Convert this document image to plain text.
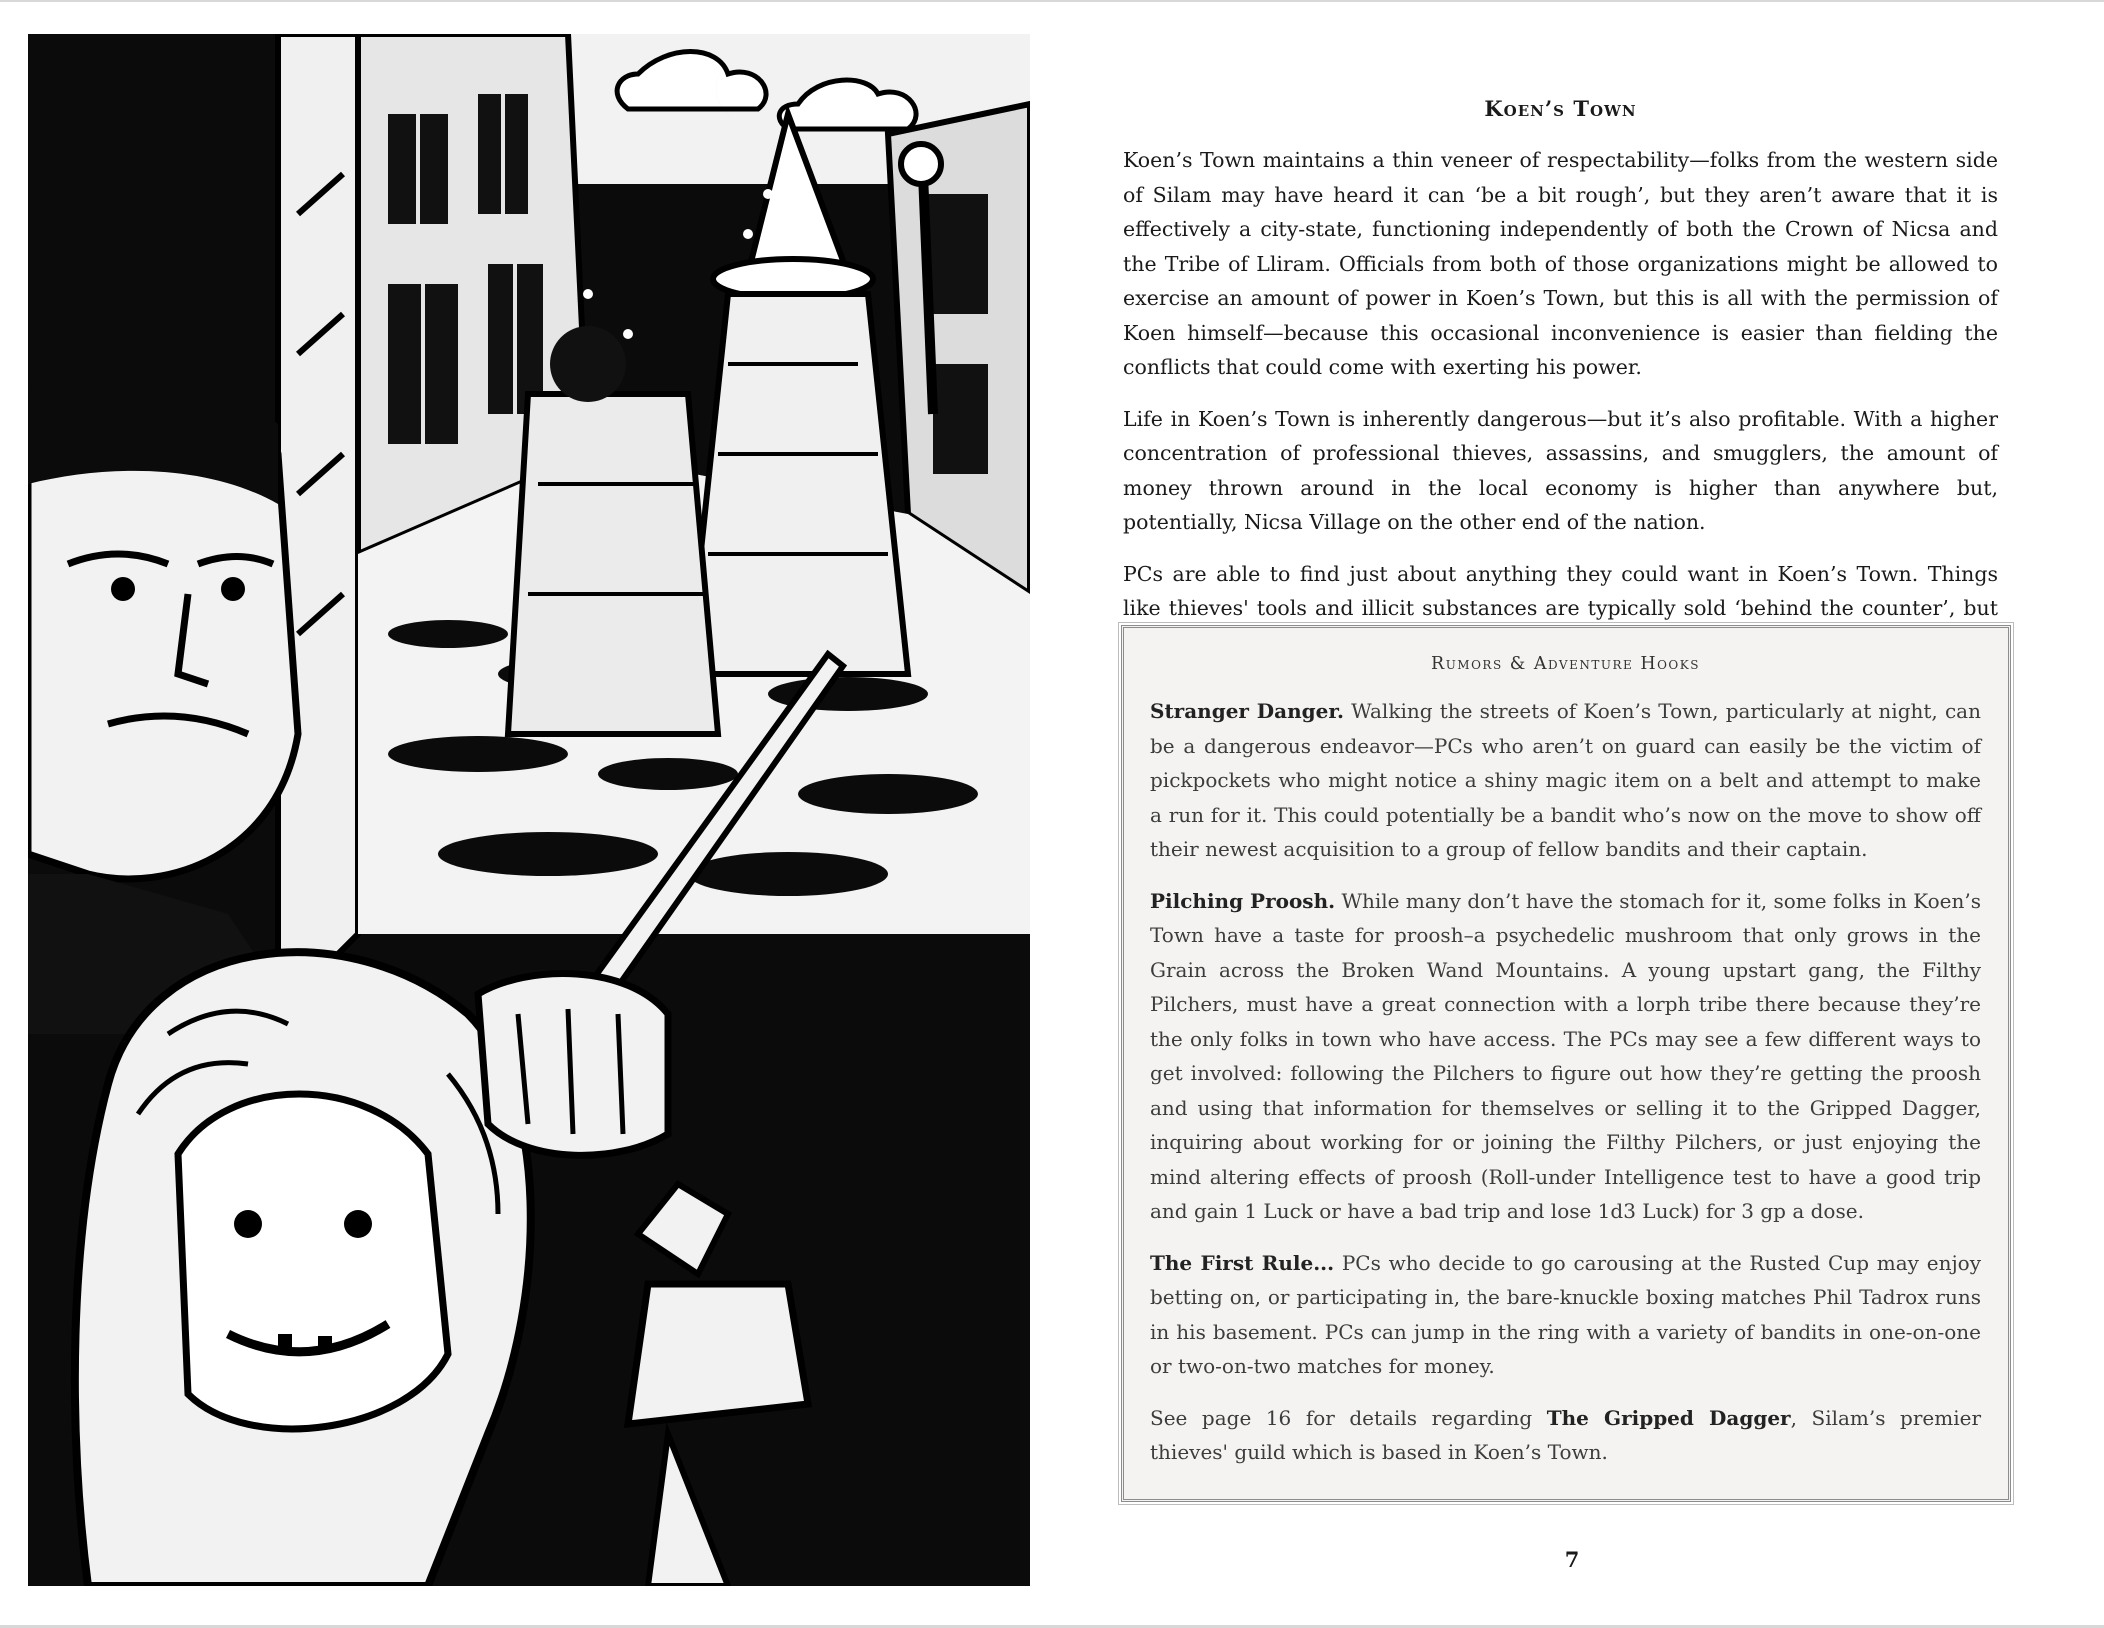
Koen’s Town

Koen’s Town maintains a thin veneer of respectability—folks from the western side of Silam may have heard it can ‘be a bit rough’, but they aren’t aware that it is effectively a city-state, functioning independently of both the Crown of Nicsa and the Tribe of Lliram. Officials from both of those organizations might be allowed to exercise an amount of power in Koen’s Town, but this is all with the permission of Koen himself—because this occasional inconvenience is easier than fielding the conflicts that could come with exerting his power.

Life in Koen’s Town is inherently dangerous—but it’s also profitable. With a higher concentration of professional thieves, assassins, and smugglers, the amount of money thrown around in the local economy is higher than anywhere but, potentially, Nicsa Village on the other end of the nation.

PCs are able to find just about anything they could want in Koen’s Town. Things like thieves' tools and illicit substances are typically sold ‘behind the counter’, but

Rumors & Adventure Hooks

Stranger Danger. Walking the streets of Koen’s Town, particularly at night, can be a dangerous endeavor—PCs who aren’t on guard can easily be the victim of pickpockets who might notice a shiny magic item on a belt and attempt to make a run for it. This could potentially be a bandit who’s now on the move to show off their newest acquisition to a group of fellow bandits and their captain.

Pilching Proosh. While many don’t have the stomach for it, some folks in Koen’s Town have a taste for proosh–a psychedelic mushroom that only grows in the Grain across the Broken Wand Mountains. A young upstart gang, the Filthy Pilchers, must have a great connection with a lorph tribe there because they’re the only folks in town who have access. The PCs may see a few different ways to get involved: following the Pilchers to figure out how they’re getting the proosh and using that information for themselves or selling it to the Gripped Dagger, inquiring about working for or joining the Filthy Pilchers, or just enjoying the mind altering effects of proosh (Roll-under Intelligence test to have a good trip and gain 1 Luck or have a bad trip and lose 1d3 Luck) for 3 gp a dose.

The First Rule... PCs who decide to go carousing at the Rusted Cup may enjoy betting on, or participating in, the bare-knuckle boxing matches Phil Tadrox runs in his basement. PCs can jump in the ring with a variety of bandits in one-on-one or two-on-two matches for money.

See page 16 for details regarding The Gripped Dagger, Silam’s premier thieves' guild which is based in Koen’s Town.

7
